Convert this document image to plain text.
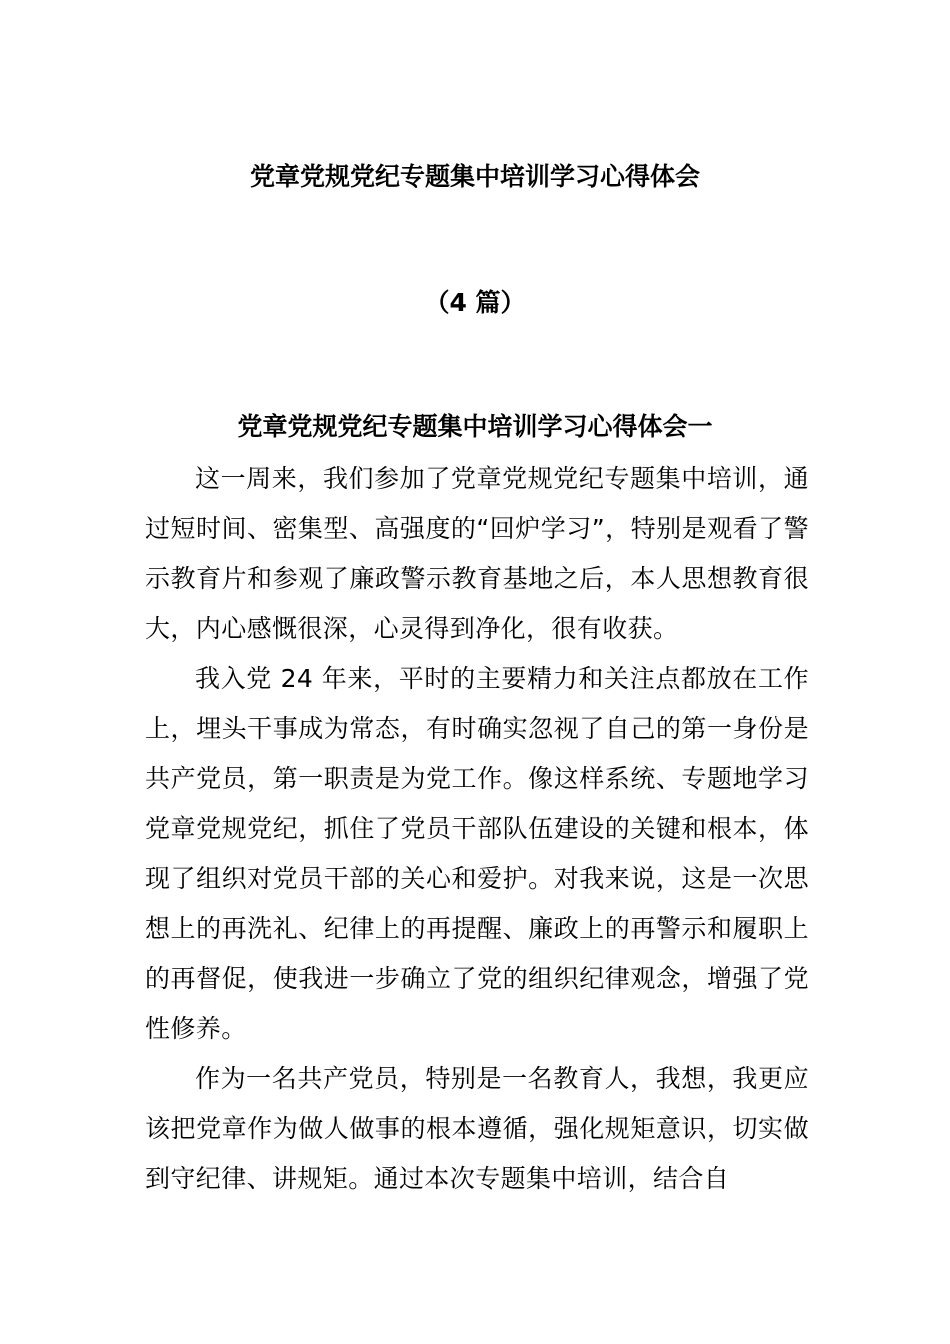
党章党规党纪专题集中培训学习心得体会
（4 篇）
党章党规党纪专题集中培训学习心得体会一

这一周来，我们参加了党章党规党纪专题集中培训，通过短时间、密集型、高强度的“回炉学习”，特别是观看了警示教育片和参观了廉政警示教育基地之后，本人思想教育很大，内心感慨很深，心灵得到净化，很有收获。

我入党 24 年来，平时的主要精力和关注点都放在工作上，埋头干事成为常态，有时确实忽视了自己的第一身份是共产党员，第一职责是为党工作。像这样系统、专题地学习党章党规党纪，抓住了党员干部队伍建设的关键和根本，体现了组织对党员干部的关心和爱护。对我来说，这是一次思想上的再洗礼、纪律上的再提醒、廉政上的再警示和履职上的再督促，使我进一步确立了党的组织纪律观念，增强了党性修养。

作为一名共产党员，特别是一名教育人，我想，我更应该把党章作为做人做事的根本遵循，强化规矩意识，切实做到守纪律、讲规矩。通过本次专题集中培训，结合自
